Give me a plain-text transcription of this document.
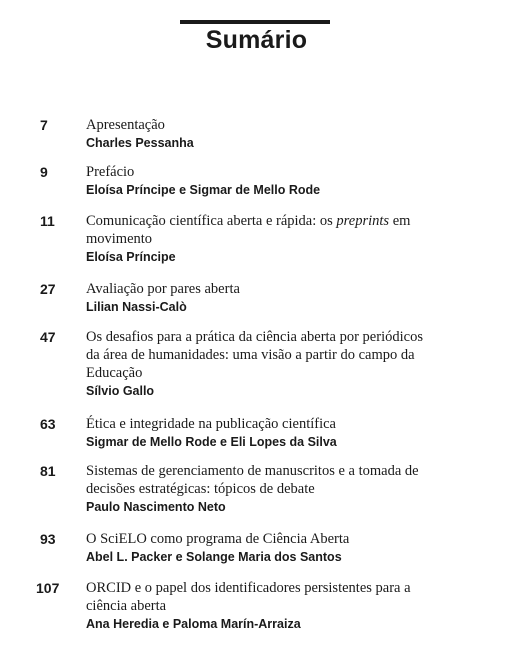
Sumário
7	Apresentação

Charles Pessanha

9	Prefácio

Eloísa Príncipe e Sigmar de Mello Rode

11	Comunicação científica aberta e rápida: os preprints em

movimento

Eloísa Príncipe

27	Avaliação por pares aberta

Lilian Nassi-Calò

47	Os desafios para a prática da ciência aberta por periódicos

da área de humanidades: uma visão a partir do campo da

Educação

Sílvio Gallo

63	Ética e integridade na publicação científica

Sigmar de Mello Rode e Eli Lopes da Silva

81	Sistemas de gerenciamento de manuscritos e a tomada de

decisões estratégicas: tópicos de debate

Paulo Nascimento Neto

93	O SciELO como programa de Ciência Aberta

Abel L. Packer e Solange Maria dos Santos

107	ORCID e o papel dos identificadores persistentes para a

ciência aberta

Ana Heredia e Paloma Marín-Arraiza
